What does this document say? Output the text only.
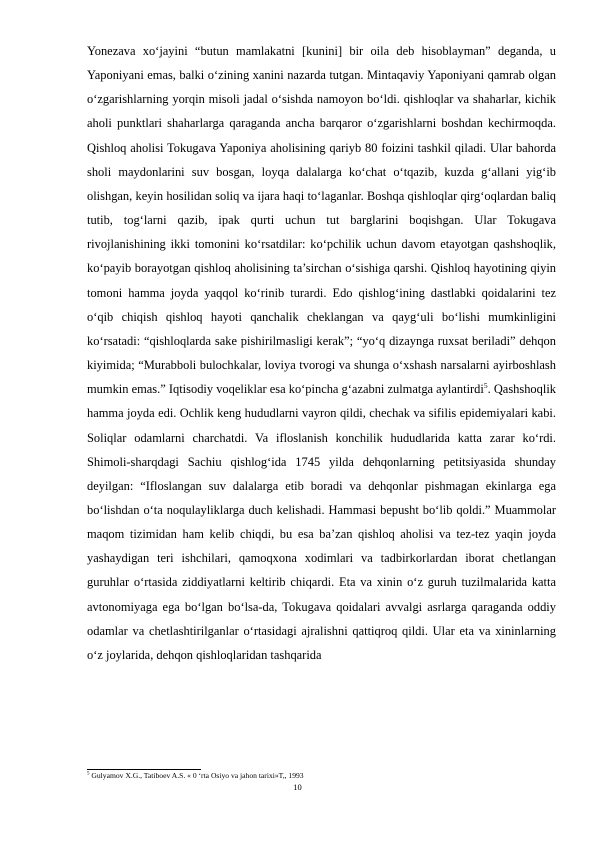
Yonezava xo‘jayini “butun mamlakatni [kunini] bir oila deb hisoblayman” deganda, u Yaponiyani emas, balki o‘zining xanini nazarda tutgan. Mintaqaviy Yaponiyani qamrab olgan o‘zgarishlarning yorqin misoli jadal o‘sishda namoyon bo‘ldi. qishloqlar va shaharlar, kichik aholi punktlari shaharlarga qaraganda ancha barqaror o‘zgarishlarni boshdan kechirmoqda. Qishloq aholisi Tokugava Yaponiya aholisining qariyb 80 foizini tashkil qiladi. Ular bahorda sholi maydonlarini suv bosgan, loyqa dalalarga ko‘chat o‘tqazib, kuzda g‘allani yig‘ib olishgan, keyin hosilidan soliq va ijara haqi to‘laganlar. Boshqa qishloqlar qirg‘oqlardan baliq tutib, tog‘larni qazib, ipak qurti uchun tut barglarini boqishgan. Ular Tokugava rivojlanishining ikki tomonini ko‘rsatdilar: ko‘pchilik uchun davom etayotgan qashshoqlik, ko‘payib borayotgan qishloq aholisining ta’sirchan o‘sishiga qarshi. Qishloq hayotining qiyin tomoni hamma joyda yaqqol ko‘rinib turardi. Edo qishlog‘ining dastlabki qoidalarini tez o‘qib chiqish qishloq hayoti qanchalik cheklangan va qayg‘uli bo‘lishi mumkinligini ko‘rsatadi: “qishloqlarda sake pishirilmasligi kerak”; “yo‘q dizaynga ruxsat beriladi” dehqon kiyimida; “Murabboli bulochkalar, loviya tvorogi va shunga o‘xshash narsalarni ayirboshlash mumkin emas.” Iqtisodiy voqeliklar esa ko‘pincha g‘azabni zulmatga aylantirdi$^5$. Qashshoqlik hamma joyda edi. Ochlik keng hududlarni vayron qildi, chechak va sifilis epidemiyalari kabi. Soliqlar odamlarni charchatdi. Va ifloslanish konchilik hududlarida katta zarar ko‘rdi. Shimoli-sharqdagi Sachiu qishlog‘ida 1745 yilda dehqonlarning petitsiyasida shunday deyilgan: “Ifloslangan suv dalalarga etib boradi va dehqonlar pishmagan ekinlarga ega bo‘lishdan o‘ta noqulayliklarga duch kelishadi. Hammasi bepusht bo‘lib qoldi.” Muammolar maqom tizimidan ham kelib chiqdi, bu esa ba’zan qishloq aholisi va tez-tez yaqin joyda yashaydigan teri ishchilari, qamoqxona xodimlari va tadbirkorlardan iborat chetlangan guruhlar o‘rtasida ziddiyatlarni keltirib chiqardi. Eta va xinin o‘z guruh tuzilmalarida katta avtonomiyaga ega bo‘lgan bo‘lsa-da, Tokugava qoidalari avvalgi asrlarga qaraganda oddiy odamlar va chetlashtirilganlar o‘rtasidagi ajralishni qattiqroq qildi. Ular eta va xininlarning o‘z joylarida, dehqon qishloqlaridan tashqarida
$^5$ Gulyamov X.G., Tatiboev A.S. « 0 ‘rta Osiyo va jahon tarixi»T,, 1993
10
